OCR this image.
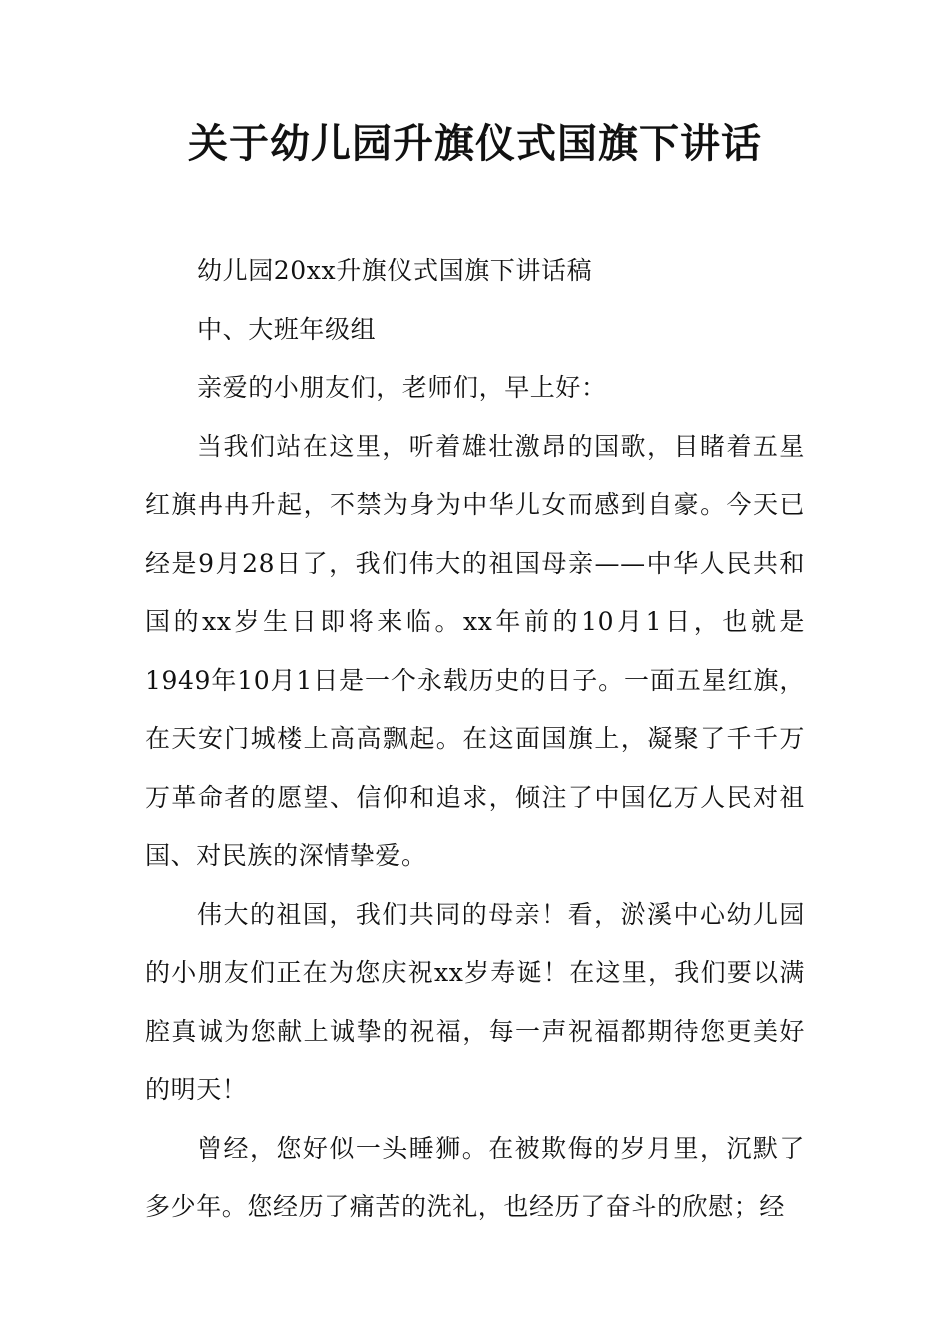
关于幼儿园升旗仪式国旗下讲话

幼儿园20xx升旗仪式国旗下讲话稿

中、大班年级组

亲爱的小朋友们，老师们，早上好：

当我们站在这里，听着雄壮激昂的国歌，目睹着五星红旗冉冉升起，不禁为身为中华儿女而感到自豪。今天已经是9月28日了，我们伟大的祖国母亲——中华人民共和国的xx岁生日即将来临。xx年前的10月1日，也就是1949年10月1日是一个永载历史的日子。一面五星红旗，在天安门城楼上高高飘起。在这面国旗上，凝聚了千千万万革命者的愿望、信仰和追求，倾注了中国亿万人民对祖国、对民族的深情挚爱。

伟大的祖国，我们共同的母亲！看，淤溪中心幼儿园的小朋友们正在为您庆祝xx岁寿诞！在这里，我们要以满腔真诚为您献上诚挚的祝福，每一声祝福都期待您更美好的明天！

曾经，您好似一头睡狮。在被欺侮的岁月里，沉默了多少年。您经历了痛苦的洗礼，也经历了奋斗的欣慰；经
